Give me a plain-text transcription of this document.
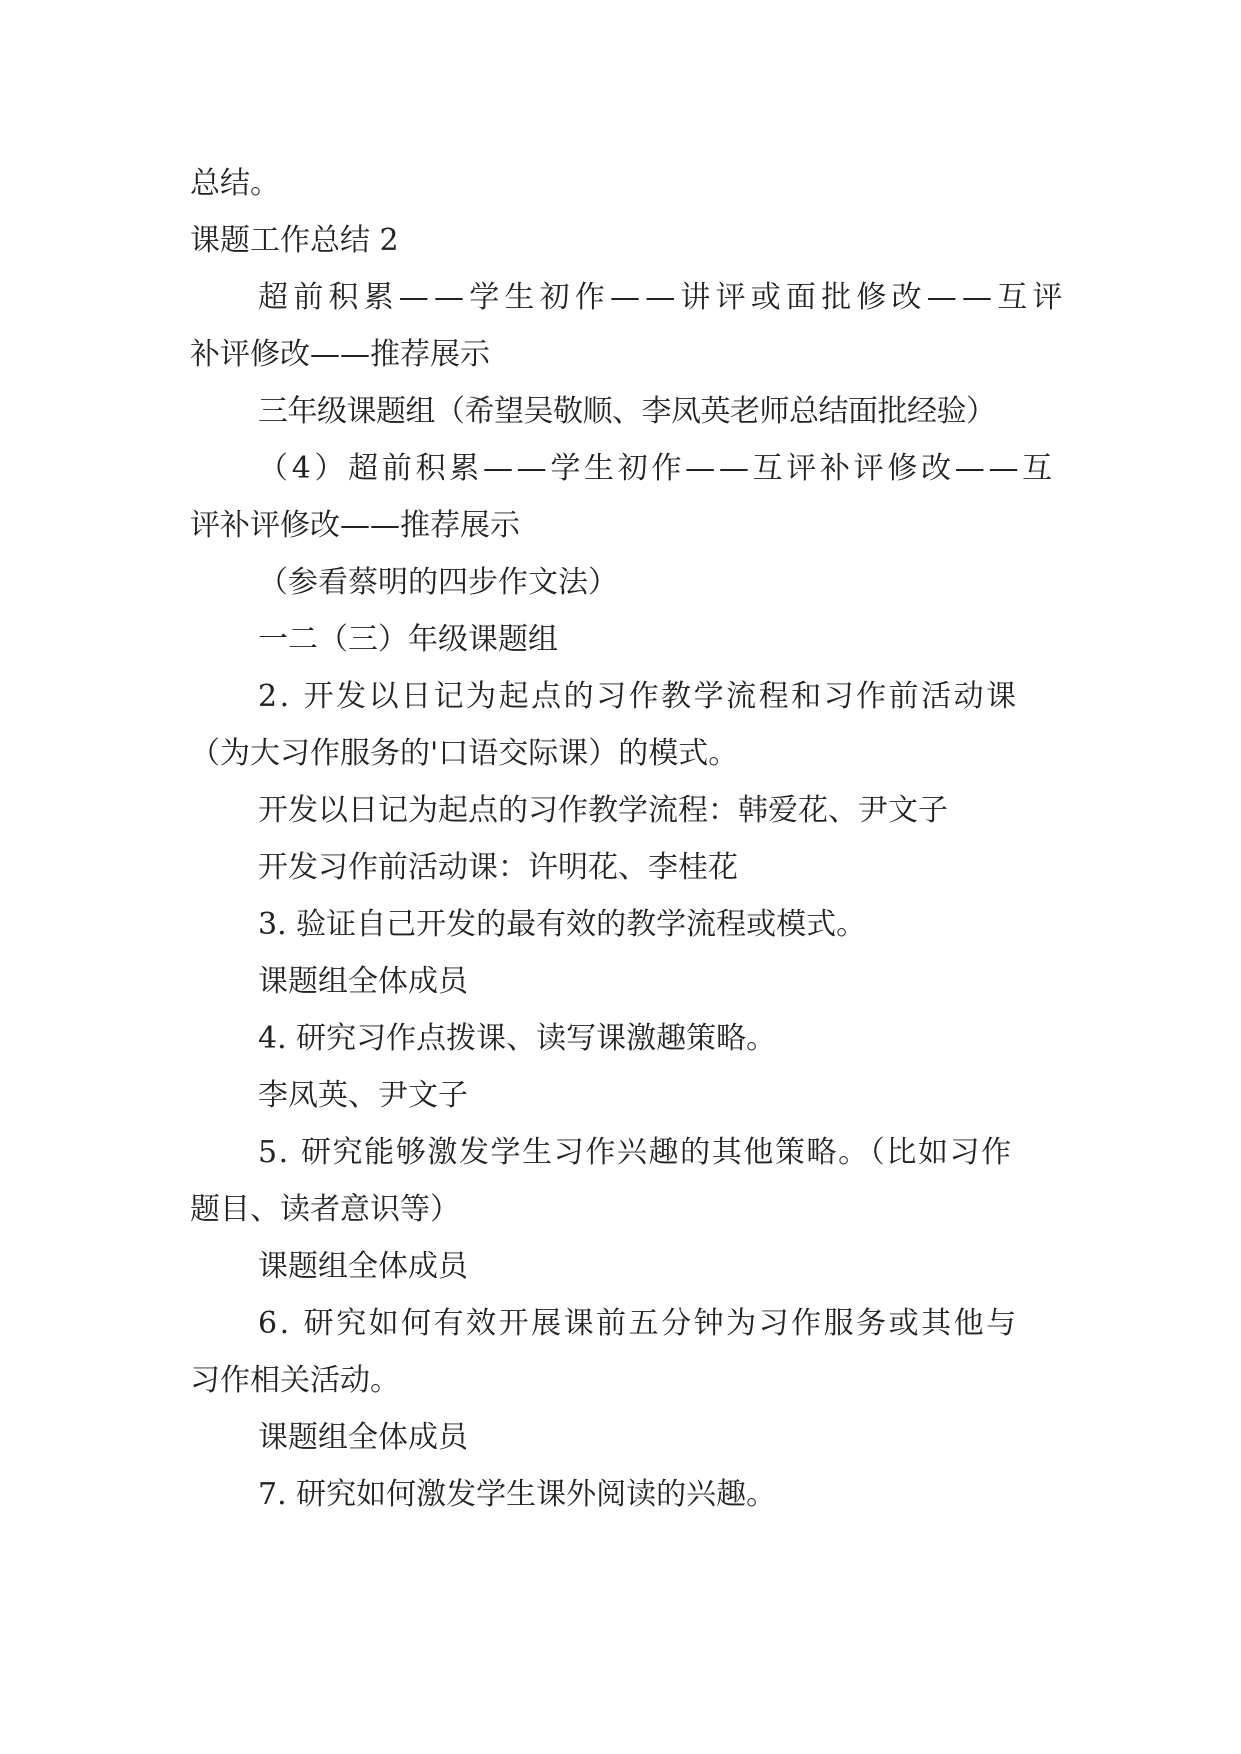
总结。

课题工作总结 2

超前积累——学生初作——讲评或面批修改——互评

补评修改——推荐展示

三年级课题组（希望吴敬顺、李凤英老师总结面批经验）

（4）超前积累——学生初作——互评补评修改——互

评补评修改——推荐展示

（参看蔡明的四步作文法）

一二（三）年级课题组

2. 开发以日记为起点的习作教学流程和习作前活动课

（为大习作服务的'口语交际课）的模式。

开发以日记为起点的习作教学流程：韩爱花、尹文子

开发习作前活动课：许明花、李桂花

3. 验证自己开发的最有效的教学流程或模式。

课题组全体成员

4. 研究习作点拨课、读写课激趣策略。

李凤英、尹文子

5. 研究能够激发学生习作兴趣的其他策略。（比如习作

题目、读者意识等）

课题组全体成员

6. 研究如何有效开展课前五分钟为习作服务或其他与

习作相关活动。

课题组全体成员

7. 研究如何激发学生课外阅读的兴趣。
